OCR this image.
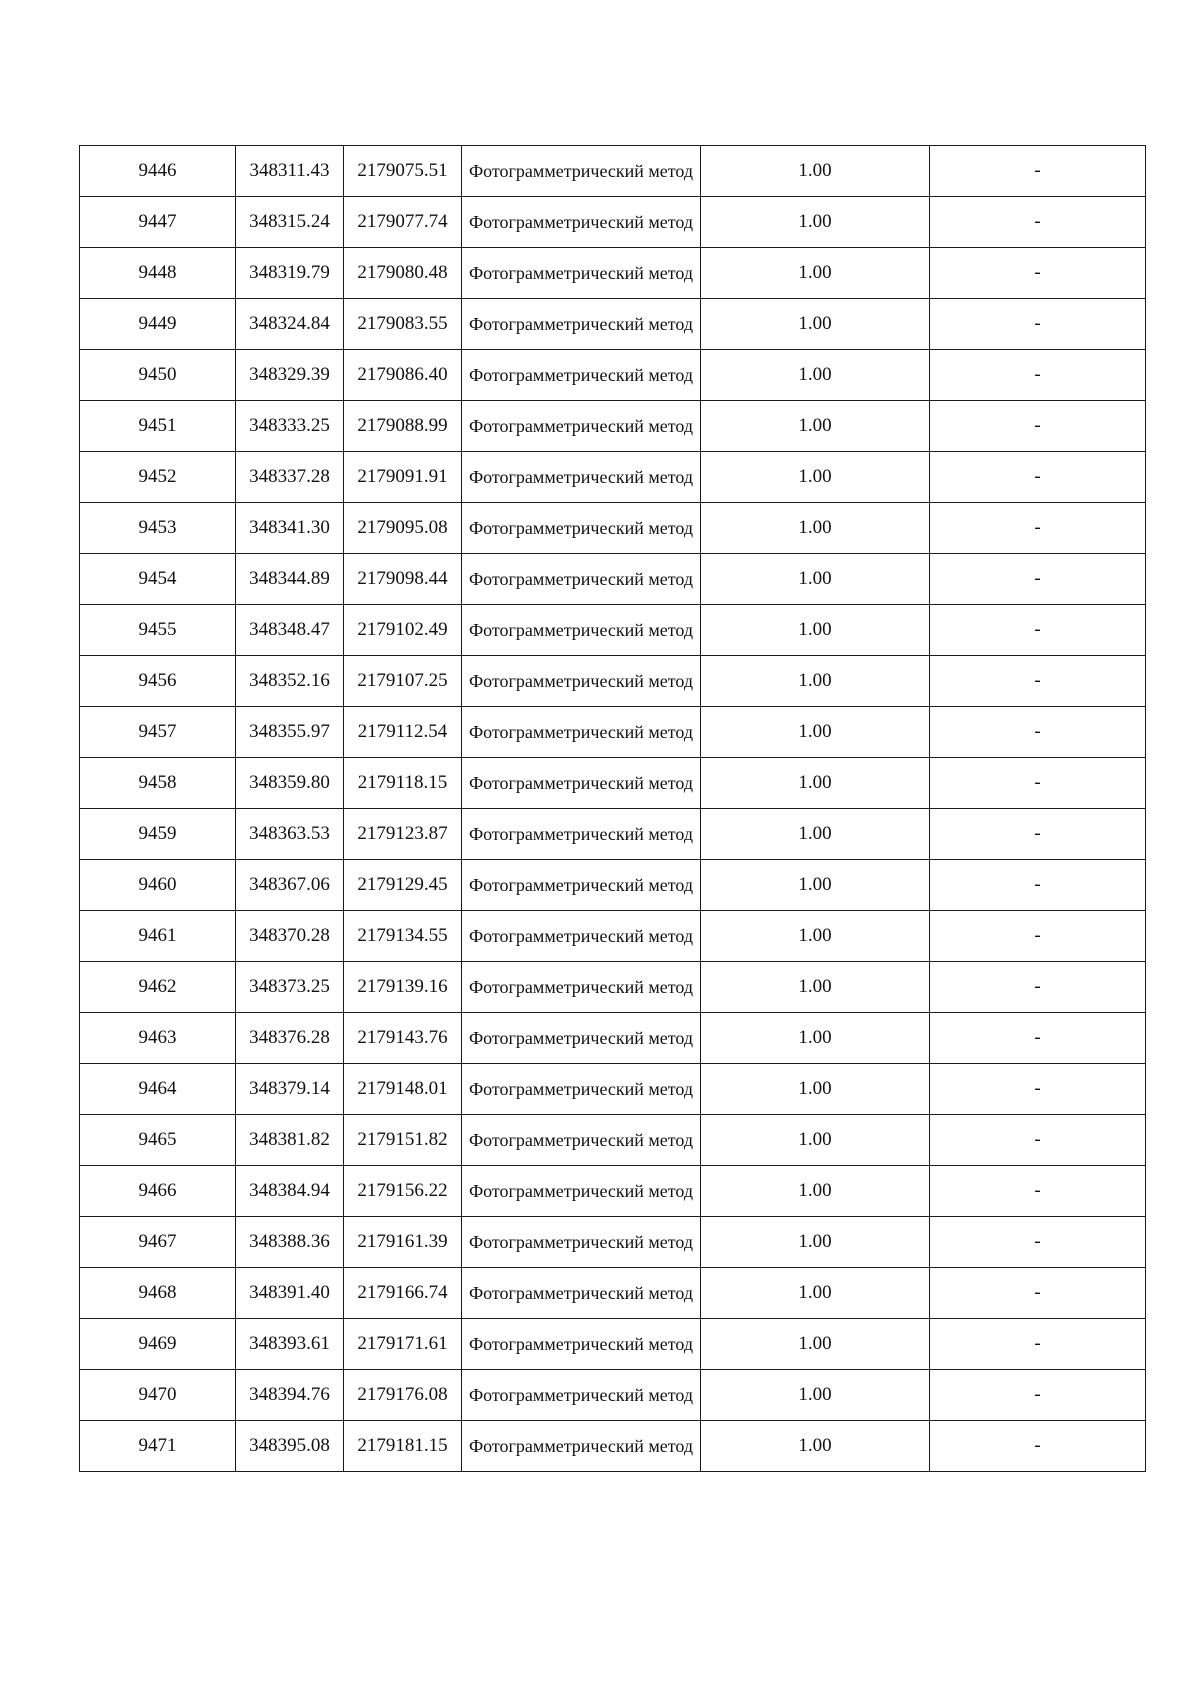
9446	348311.43	2179075.51	Фотограмметрический метод	1.00	-
9447	348315.24	2179077.74	Фотограмметрический метод	1.00	-
9448	348319.79	2179080.48	Фотограмметрический метод	1.00	-
9449	348324.84	2179083.55	Фотограмметрический метод	1.00	-
9450	348329.39	2179086.40	Фотограмметрический метод	1.00	-
9451	348333.25	2179088.99	Фотограмметрический метод	1.00	-
9452	348337.28	2179091.91	Фотограмметрический метод	1.00	-
9453	348341.30	2179095.08	Фотограмметрический метод	1.00	-
9454	348344.89	2179098.44	Фотограмметрический метод	1.00	-
9455	348348.47	2179102.49	Фотограмметрический метод	1.00	-
9456	348352.16	2179107.25	Фотограмметрический метод	1.00	-
9457	348355.97	2179112.54	Фотограмметрический метод	1.00	-
9458	348359.80	2179118.15	Фотограмметрический метод	1.00	-
9459	348363.53	2179123.87	Фотограмметрический метод	1.00	-
9460	348367.06	2179129.45	Фотограмметрический метод	1.00	-
9461	348370.28	2179134.55	Фотограмметрический метод	1.00	-
9462	348373.25	2179139.16	Фотограмметрический метод	1.00	-
9463	348376.28	2179143.76	Фотограмметрический метод	1.00	-
9464	348379.14	2179148.01	Фотограмметрический метод	1.00	-
9465	348381.82	2179151.82	Фотограмметрический метод	1.00	-
9466	348384.94	2179156.22	Фотограмметрический метод	1.00	-
9467	348388.36	2179161.39	Фотограмметрический метод	1.00	-
9468	348391.40	2179166.74	Фотограмметрический метод	1.00	-
9469	348393.61	2179171.61	Фотограмметрический метод	1.00	-
9470	348394.76	2179176.08	Фотограмметрический метод	1.00	-
9471	348395.08	2179181.15	Фотограмметрический метод	1.00	-
